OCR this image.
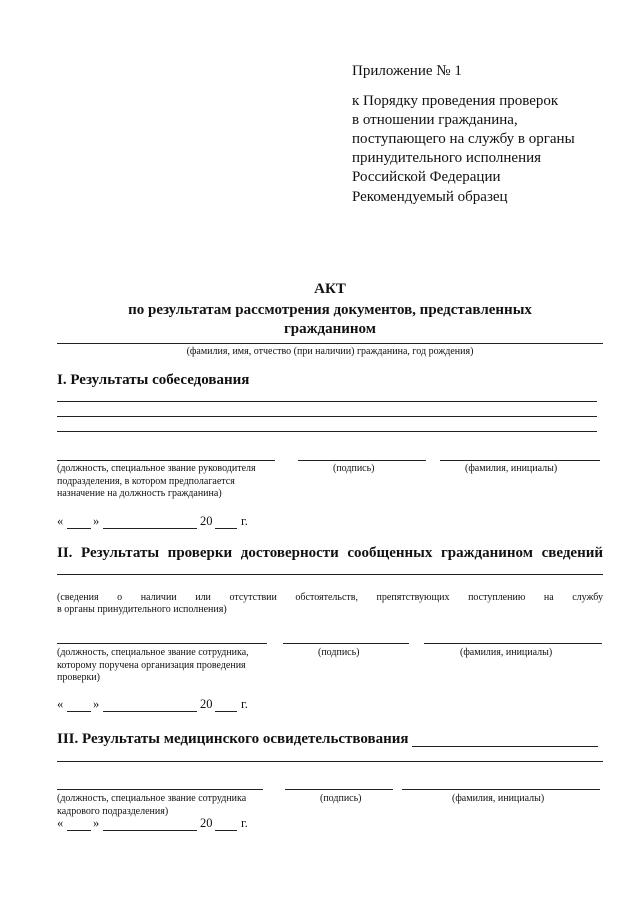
Приложение № 1
к Порядку проведения проверок
в отношении гражданина,
поступающего на службу в органы
принудительного исполнения
Российской Федерации
Рекомендуемый образец
АКТ
по результатам рассмотрения документов, представленных
гражданином
(фамилия, имя, отчество (при наличии) гражданина, год рождения)
I. Результаты собеседования
(должность, специальное звание руководителя
подразделения, в котором предполагается
назначение на должность гражданина)
(подпись)	(фамилия, инициалы)
« »	20 г.
II. Результаты проверки достоверности сообщенных гражданином сведений
(сведения о наличии или отсутствии обстоятельств, препятствующих поступлению на службу
в органы принудительного исполнения)
(должность, специальное звание сотрудника,
которому поручена организация проведения
проверки)
(подпись)	(фамилия, инициалы)
« »	20 г.
III. Результаты медицинского освидетельствования
(должность, специальное звание сотрудника
кадрового подразделения)
(подпись)	(фамилия, инициалы)
« »	20 г.
